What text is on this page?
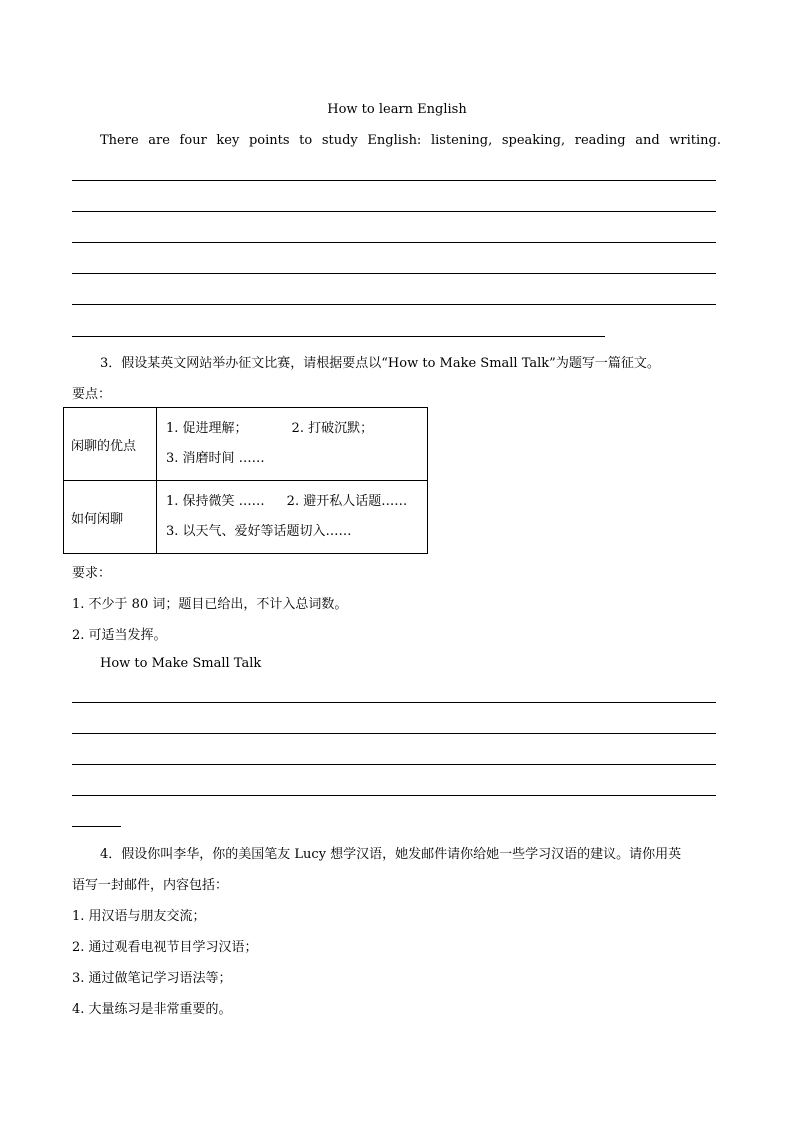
How to learn English
There are four key points to study English: listening, speaking, reading and writing.
3．假设某英文网站举办征文比赛，请根据要点以“How to Make Small Talk”为题写一篇征文。
要点：
闲聊的优点	1. 促进理解； 2. 打破沉默；
3. 消磨时间 ……

如何闲聊	1. 保持微笑 …… 2. 避开私人话题……
3. 以天气、爱好等话题切入……
要求：
1. 不少于 80 词；题目已给出，不计入总词数。
2. 可适当发挥。
How to Make Small Talk
4．假设你叫李华，你的美国笔友 Lucy 想学汉语，她发邮件请你给她一些学习汉语的建议。请你用英
语写一封邮件，内容包括：
1. 用汉语与朋友交流；
2. 通过观看电视节目学习汉语；
3. 通过做笔记学习语法等；
4. 大量练习是非常重要的。
